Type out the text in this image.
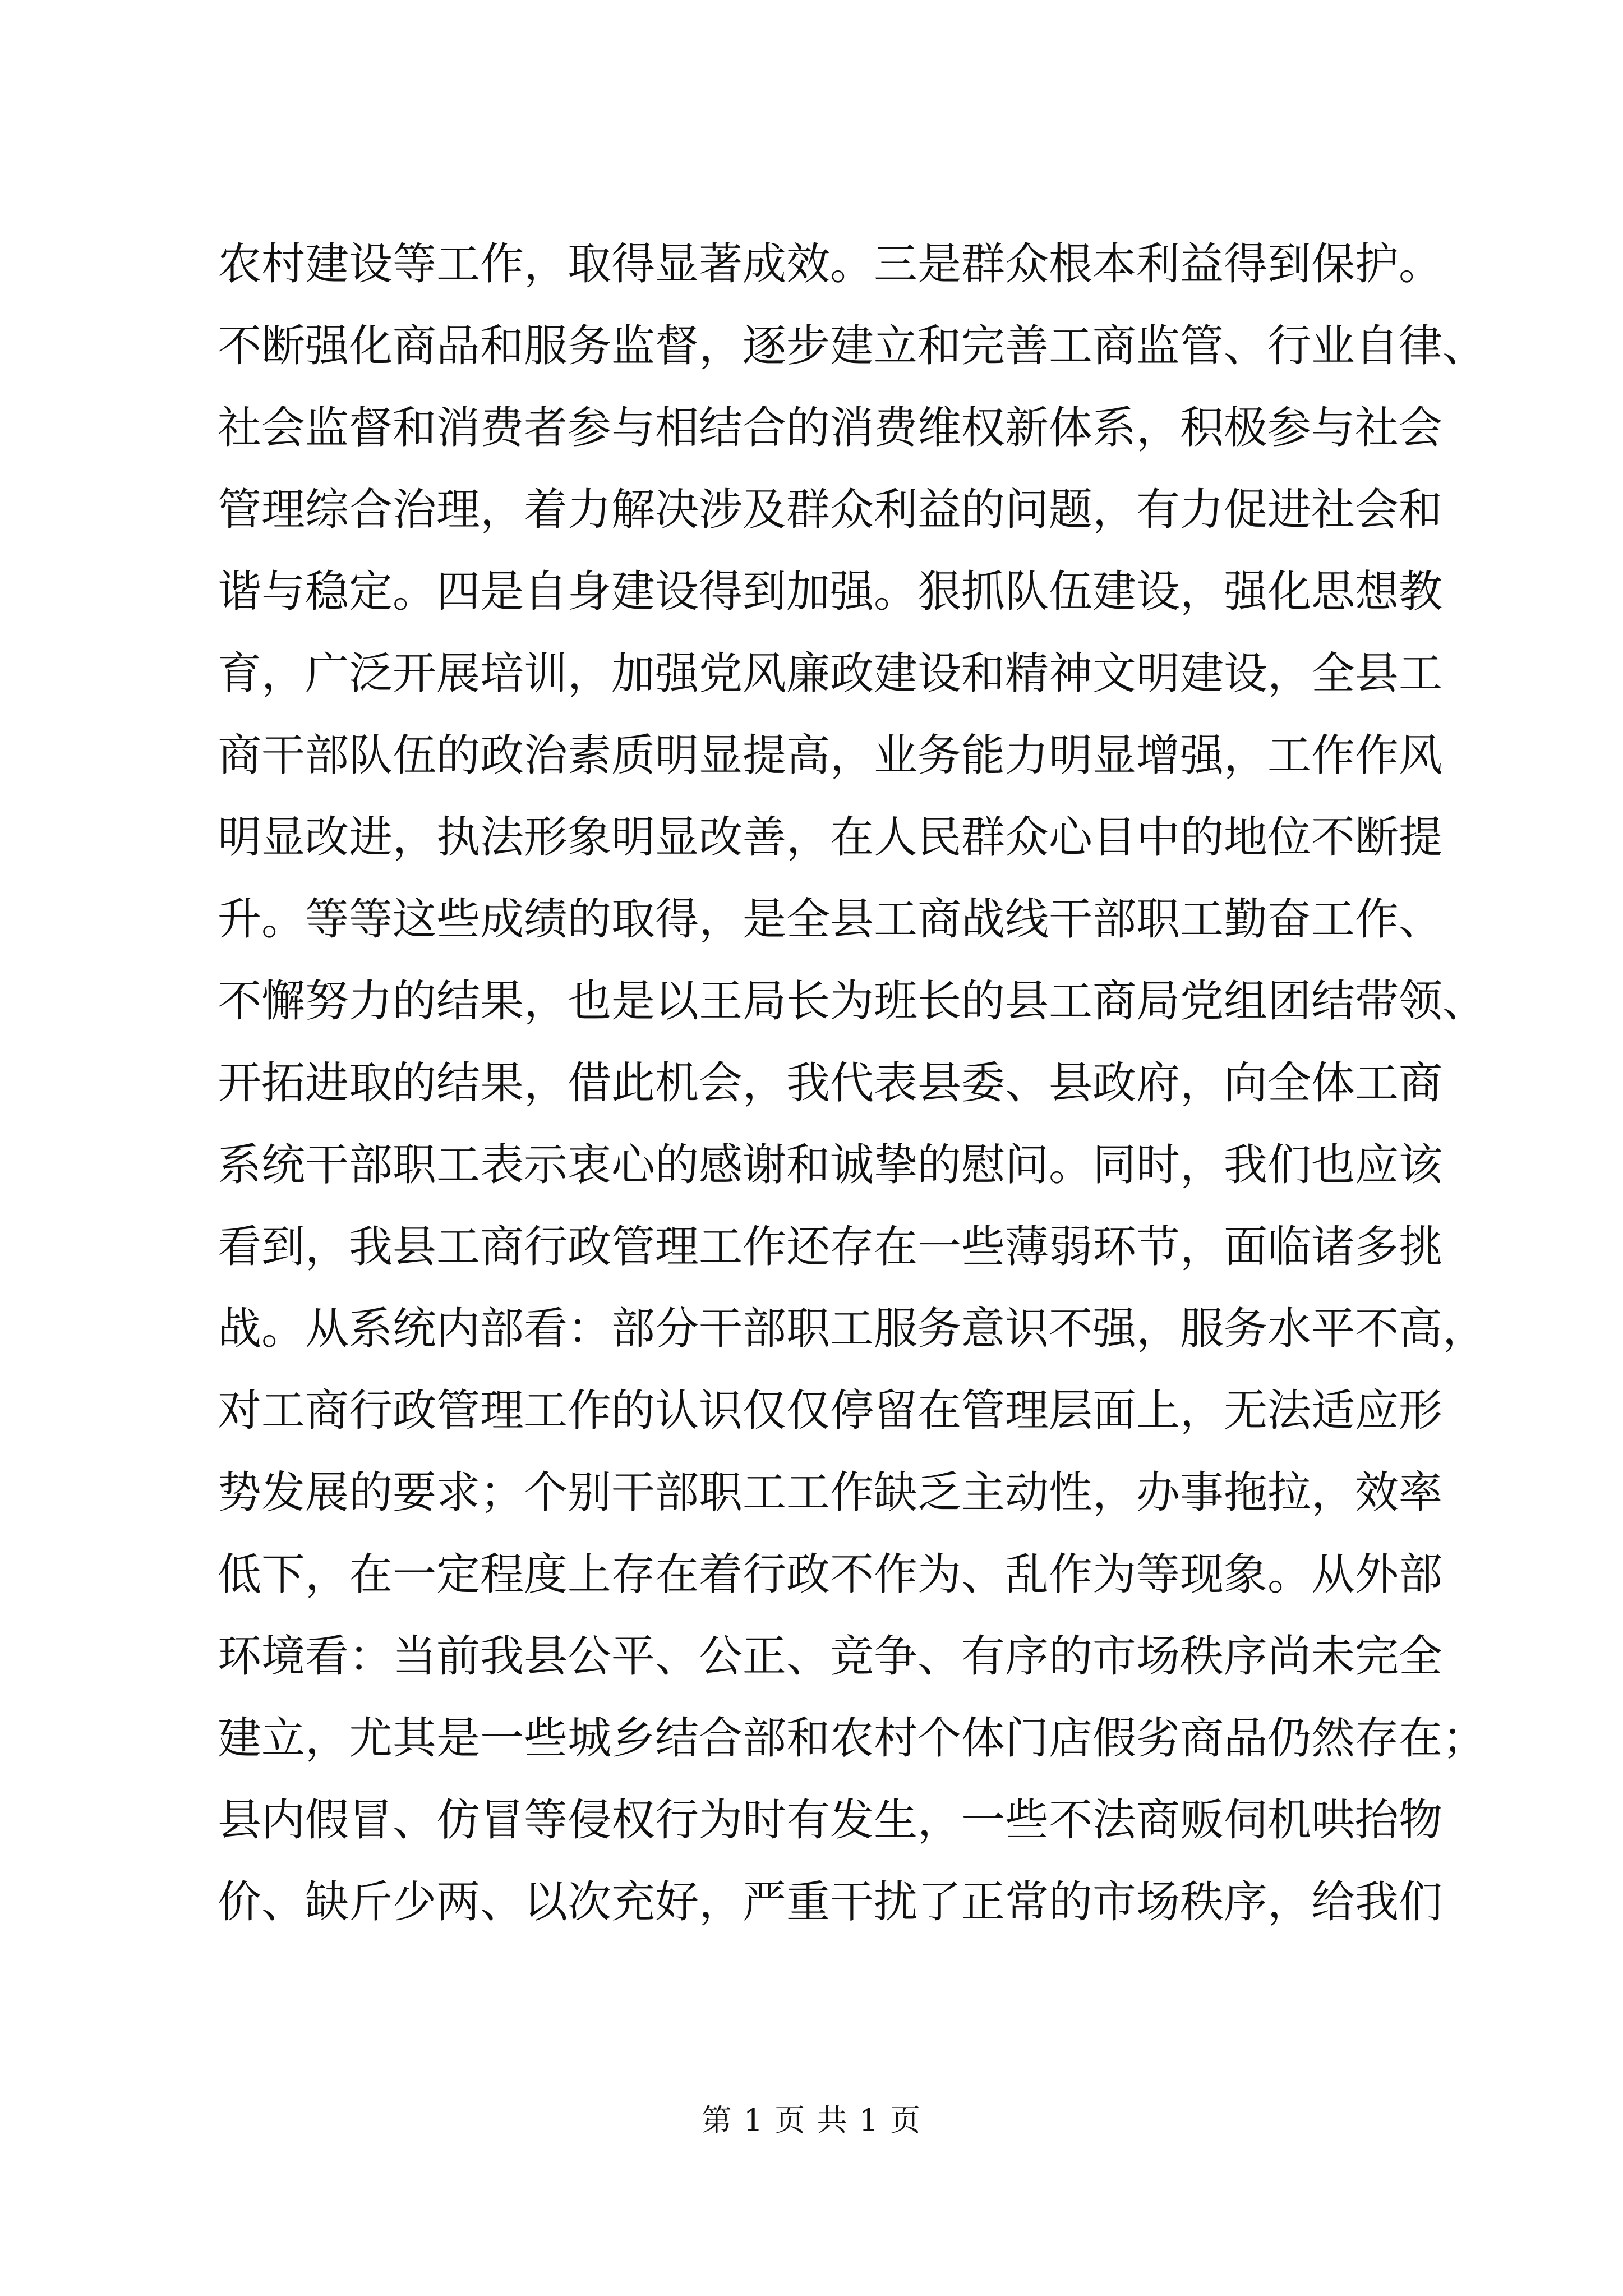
农村建设等工作，取得显著成效。三是群众根本利益得到保护。
不断强化商品和服务监督，逐步建立和完善工商监管、行业自律、
社会监督和消费者参与相结合的消费维权新体系，积极参与社会
管理综合治理，着力解决涉及群众利益的问题，有力促进社会和
谐与稳定。四是自身建设得到加强。狠抓队伍建设，强化思想教
育，广泛开展培训，加强党风廉政建设和精神文明建设，全县工
商干部队伍的政治素质明显提高，业务能力明显增强，工作作风
明显改进，执法形象明显改善，在人民群众心目中的地位不断提
升。等等这些成绩的取得，是全县工商战线干部职工勤奋工作、
不懈努力的结果，也是以王局长为班长的县工商局党组团结带领、
开拓进取的结果，借此机会，我代表县委、县政府，向全体工商
系统干部职工表示衷心的感谢和诚挚的慰问。同时，我们也应该
看到，我县工商行政管理工作还存在一些薄弱环节，面临诸多挑
战。从系统内部看：部分干部职工服务意识不强，服务水平不高，
对工商行政管理工作的认识仅仅停留在管理层面上，无法适应形
势发展的要求；个别干部职工工作缺乏主动性，办事拖拉，效率
低下，在一定程度上存在着行政不作为、乱作为等现象。从外部
环境看：当前我县公平、公正、竞争、有序的市场秩序尚未完全
建立，尤其是一些城乡结合部和农村个体门店假劣商品仍然存在；
县内假冒、仿冒等侵权行为时有发生，一些不法商贩伺机哄抬物
价、缺斤少两、以次充好，严重干扰了正常的市场秩序，给我们
第 1 页 共 1 页
